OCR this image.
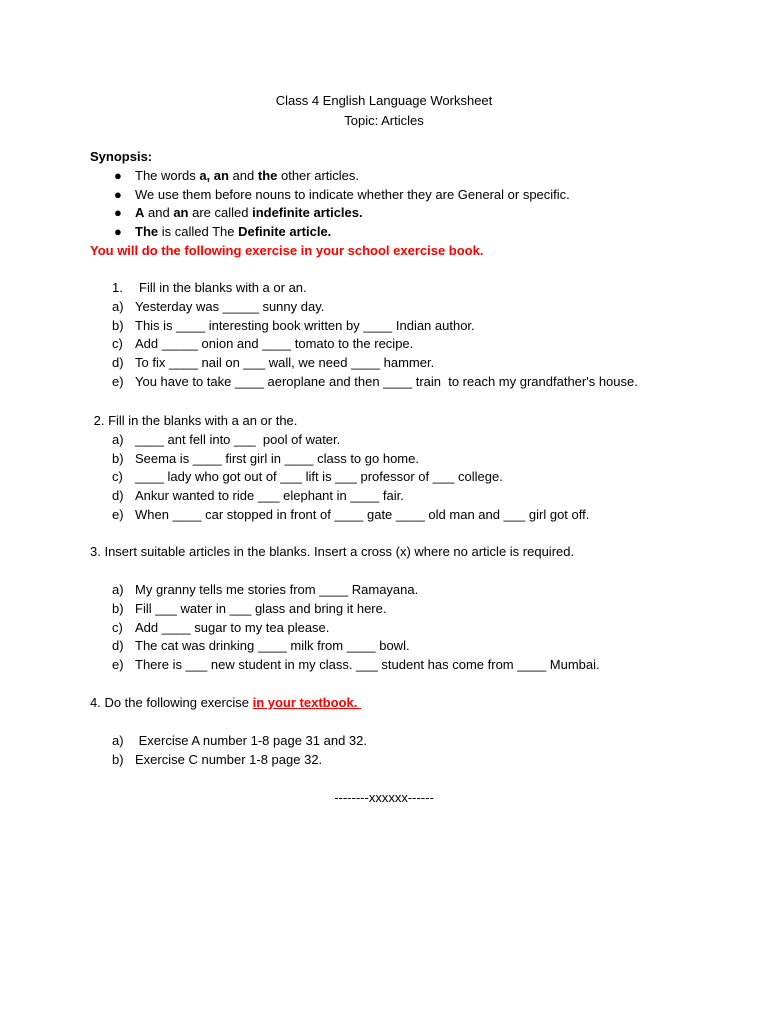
Class 4 English Language Worksheet
Topic: Articles
Synopsis:

●

The words a, an and the other articles.

●

We use them before nouns to indicate whether they are General or specific.

●

A and an are called indefinite articles.

●

The is called The Definite article.

You will do the following exercise in your school exercise book.

1.

Fill in the blanks with a or an.

a)

Yesterday was _____ sunny day.

b)

This is ____ interesting book written by ____ Indian author.

c)

Add _____ onion and ____ tomato to the recipe.

d)

To fix ____ nail on ___ wall, we need ____ hammer.

e)

You have to take ____ aeroplane and then ____ train  to reach my grandfather's house.

2. Fill in the blanks with a an or the.

a)

____ ant fell into ___  pool of water.

b)

Seema is ____ first girl in ____ class to go home.

c)

____ lady who got out of ___ lift is ___ professor of ___ college.

d)

Ankur wanted to ride ___ elephant in ____ fair.

e)

When ____ car stopped in front of ____ gate ____ old man and ___ girl got off.

3. Insert suitable articles in the blanks. Insert a cross (x) where no article is required.

a)

My granny tells me stories from ____ Ramayana.

b)

Fill ___ water in ___ glass and bring it here.

c)

Add ____ sugar to my tea please.

d)

The cat was drinking ____ milk from ____ bowl.

e)

There is ___ new student in my class. ___ student has come from ____ Mumbai.

4. Do the following exercise in your textbook.

a)

Exercise A number 1-8 page 31 and 32.

b)

Exercise C number 1-8 page 32.

--------xxxxxx------
